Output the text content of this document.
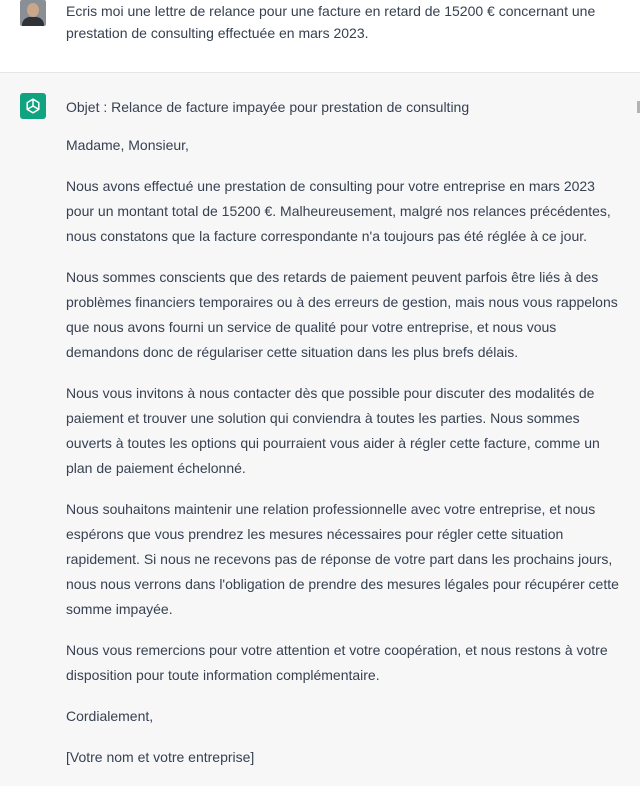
Ecris moi une lettre de relance pour une facture en retard de 15200 € concernant une prestation de consulting effectuée en mars 2023.

Objet : Relance de facture impayée pour prestation de consulting

Madame, Monsieur,

Nous avons effectué une prestation de consulting pour votre entreprise en mars 2023 pour un montant total de 15200 €. Malheureusement, malgré nos relances précédentes, nous constatons que la facture correspondante n'a toujours pas été réglée à ce jour.

Nous sommes conscients que des retards de paiement peuvent parfois être liés à des problèmes financiers temporaires ou à des erreurs de gestion, mais nous vous rappelons que nous avons fourni un service de qualité pour votre entreprise, et nous vous demandons donc de régulariser cette situation dans les plus brefs délais.

Nous vous invitons à nous contacter dès que possible pour discuter des modalités de paiement et trouver une solution qui conviendra à toutes les parties. Nous sommes ouverts à toutes les options qui pourraient vous aider à régler cette facture, comme un plan de paiement échelonné.

Nous souhaitons maintenir une relation professionnelle avec votre entreprise, et nous espérons que vous prendrez les mesures nécessaires pour régler cette situation rapidement. Si nous ne recevons pas de réponse de votre part dans les prochains jours, nous nous verrons dans l'obligation de prendre des mesures légales pour récupérer cette somme impayée.

Nous vous remercions pour votre attention et votre coopération, et nous restons à votre disposition pour toute information complémentaire.

Cordialement,

[Votre nom et votre entreprise]
